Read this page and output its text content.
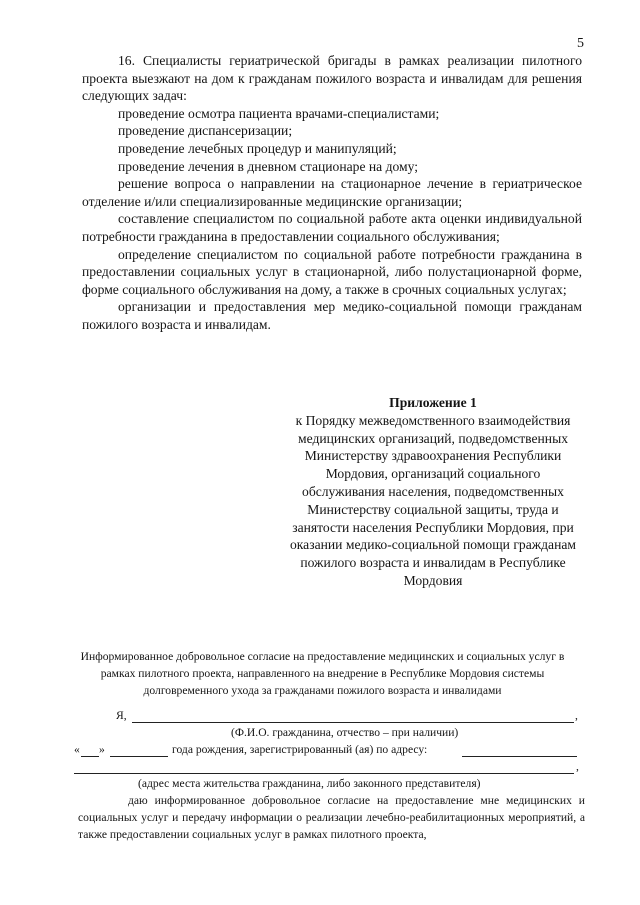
5

16. Специалисты гериатрической бригады в рамках реализации пилотного проекта выезжают на дом к гражданам пожилого возраста и инвалидам для решения следующих задач:

проведение осмотра пациента врачами-специалистами;

проведение диспансеризации;

проведение лечебных процедур и манипуляций;

проведение лечения в дневном стационаре на дому;

решение вопроса о направлении на стационарное лечение в гериатрическое отделение и/или специализированные медицинские организации;

составление специалистом по социальной работе акта оценки индивидуальной потребности гражданина в предоставлении социального обслуживания;

определение специалистом по социальной работе потребности гражданина в предоставлении социальных услуг в стационарной, либо полустационарной форме, форме социального обслуживания на дому, а также в срочных социальных услугах;

организации и предоставления мер медико-социальной помощи гражданам пожилого возраста и инвалидам.

Приложение 1

к Порядку межведомственного взаимодействия медицинских организаций, подведомственных Министерству здравоохранения Республики Мордовия, организаций социального обслуживания населения, подведомственных Министерству социальной защиты, труда и занятости населения Республики Мордовия, при оказании медико-социальной помощи гражданам пожилого возраста и инвалидам в Республике Мордовия

Информированное добровольное согласие на предоставление медицинских и социальных услуг в рамках пилотного проекта, направленного на внедрение в Республике Мордовия системы долговременного ухода за гражданами пожилого возраста и инвалидами

Я,	,
(Ф.И.О. гражданина, отчество – при наличии)
« »	года рождения, зарегистрированный (ая) по адресу:
,
(адрес места жительства гражданина, либо законного представителя)

даю информированное добровольное согласие на предоставление мне медицинских и социальных услуг и передачу информации о реализации лечебно-реабилитационных мероприятий, а также предоставлении социальных услуг в рамках пилотного проекта,
